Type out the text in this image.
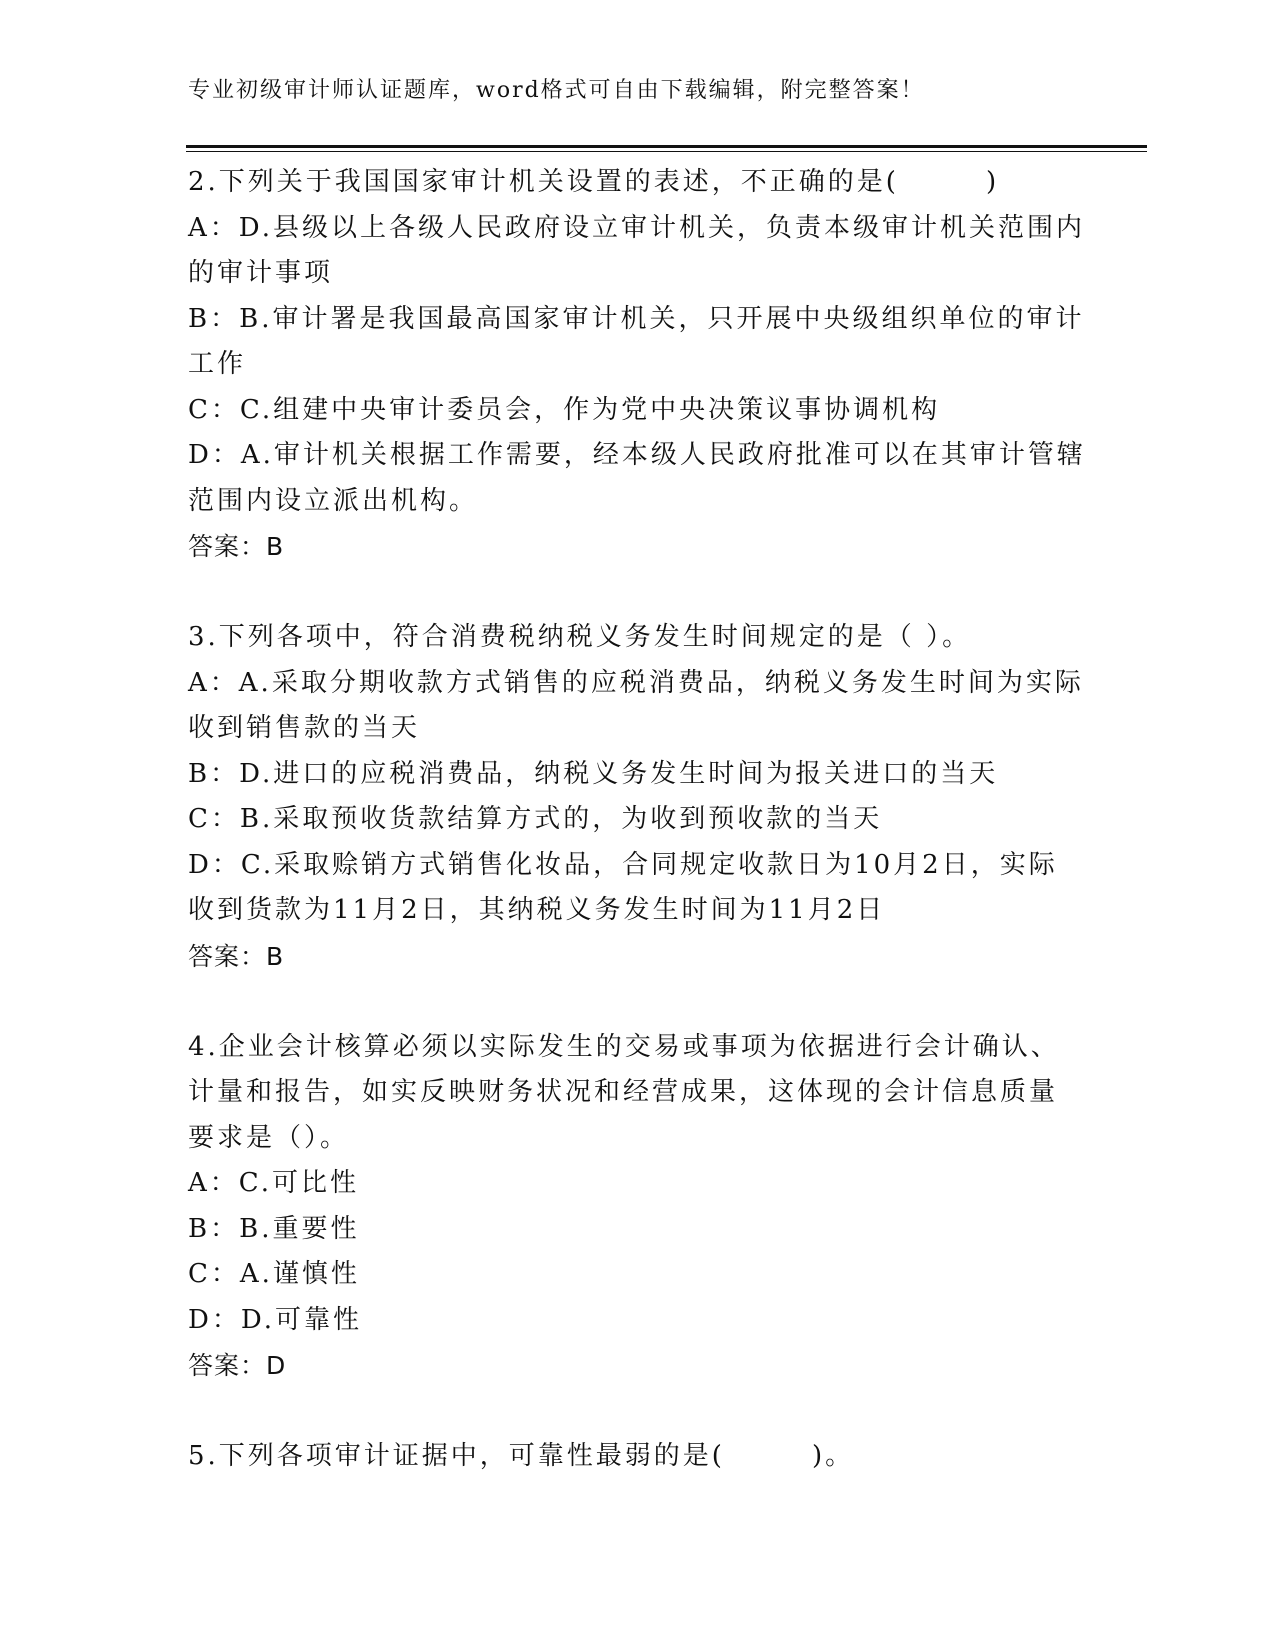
专业初级审计师认证题库，word格式可自由下载编辑，附完整答案！
2.下列关于我国国家审计机关设置的表述，不正确的是(　　　)
A：D.县级以上各级人民政府设立审计机关，负责本级审计机关范围内
的审计事项
B：B.审计署是我国最高国家审计机关，只开展中央级组织单位的审计
工作
C：C.组建中央审计委员会，作为党中央决策议事协调机构
D：A.审计机关根据工作需要，经本级人民政府批准可以在其审计管辖
范围内设立派出机构。
答案：B
3.下列各项中，符合消费税纳税义务发生时间规定的是（ ）。
A：A.采取分期收款方式销售的应税消费品，纳税义务发生时间为实际
收到销售款的当天
B：D.进口的应税消费品，纳税义务发生时间为报关进口的当天
C：B.采取预收货款结算方式的，为收到预收款的当天
D：C.采取赊销方式销售化妆品，合同规定收款日为10月2日，实际
收到货款为11月2日，其纳税义务发生时间为11月2日
答案：B
4.企业会计核算必须以实际发生的交易或事项为依据进行会计确认、
计量和报告，如实反映财务状况和经营成果，这体现的会计信息质量
要求是（）。
A：C.可比性
B：B.重要性
C：A.谨慎性
D：D.可靠性
答案：D
5.下列各项审计证据中，可靠性最弱的是(　　　)。
